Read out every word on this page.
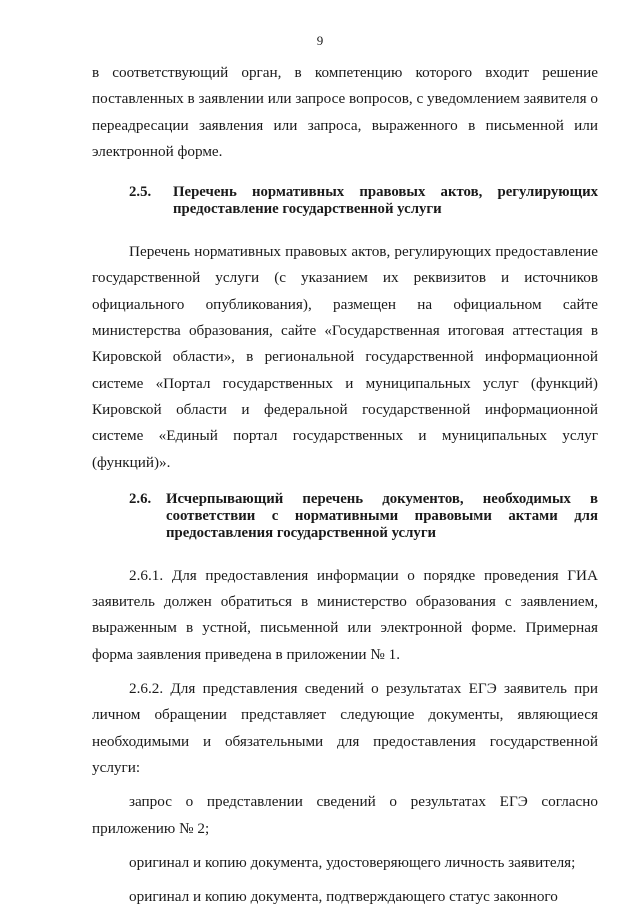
9

в соответствующий орган, в компетенцию которого входит решение поставленных в заявлении или запросе вопросов, с уведомлением заявителя о переадресации заявления или запроса, выраженного в письменной или электронной форме.

2.5.	Перечень нормативных правовых актов, регулирующих предоставление государственной услуги

Перечень нормативных правовых актов, регулирующих предоставление государственной услуги (с указанием их реквизитов и источников официального опубликования), размещен на официальном сайте министерства образования, сайте «Государственная итоговая аттестация в Кировской области», в региональной государственной информационной системе «Портал государственных и муниципальных услуг (функций) Кировской области и федеральной государственной информационной системе «Единый портал государственных и муниципальных услуг (функций)».

2.6. Исчерпывающий перечень документов, необходимых в соответствии с нормативными правовыми актами для предоставления государственной услуги

2.6.1. Для предоставления информации о порядке проведения ГИА заявитель должен обратиться в министерство образования с заявлением, выраженным в устной, письменной или электронной форме. Примерная форма заявления приведена в приложении № 1.

2.6.2. Для представления сведений о результатах ЕГЭ заявитель при личном обращении представляет следующие документы, являющиеся необходимыми и обязательными для предоставления государственной услуги:

запрос о представлении сведений о результатах ЕГЭ согласно приложению № 2;

оригинал и копию документа, удостоверяющего личность заявителя;

оригинал и копию документа, подтверждающего статус законного
